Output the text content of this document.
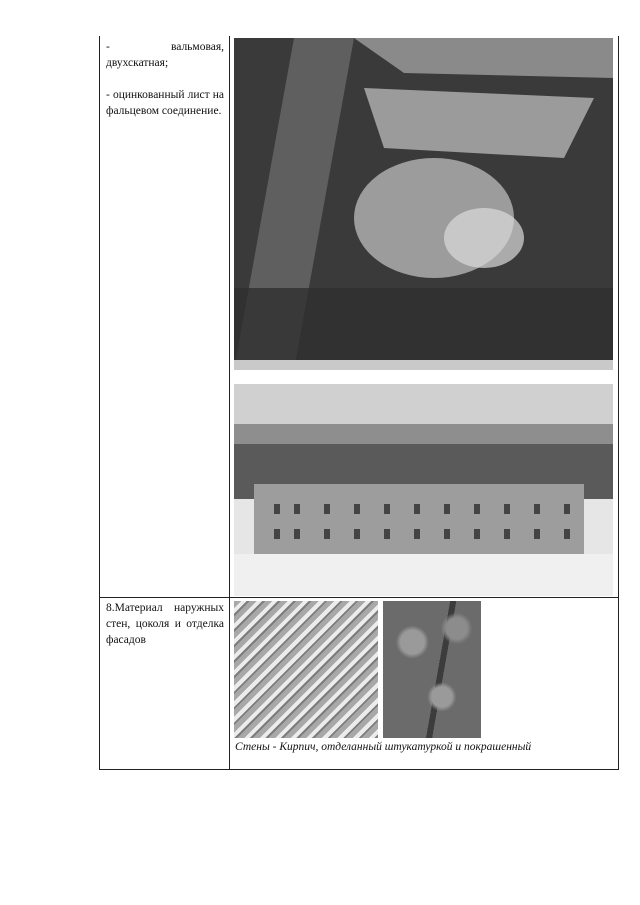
- вальмовая, двухскатная;

- оцинкованный лист на фальцевом соединение.

8.Материал наружных стен, цоколя и отделка фасадов

Стены - Кирпич, отделанный штукатуркой и покрашенный
